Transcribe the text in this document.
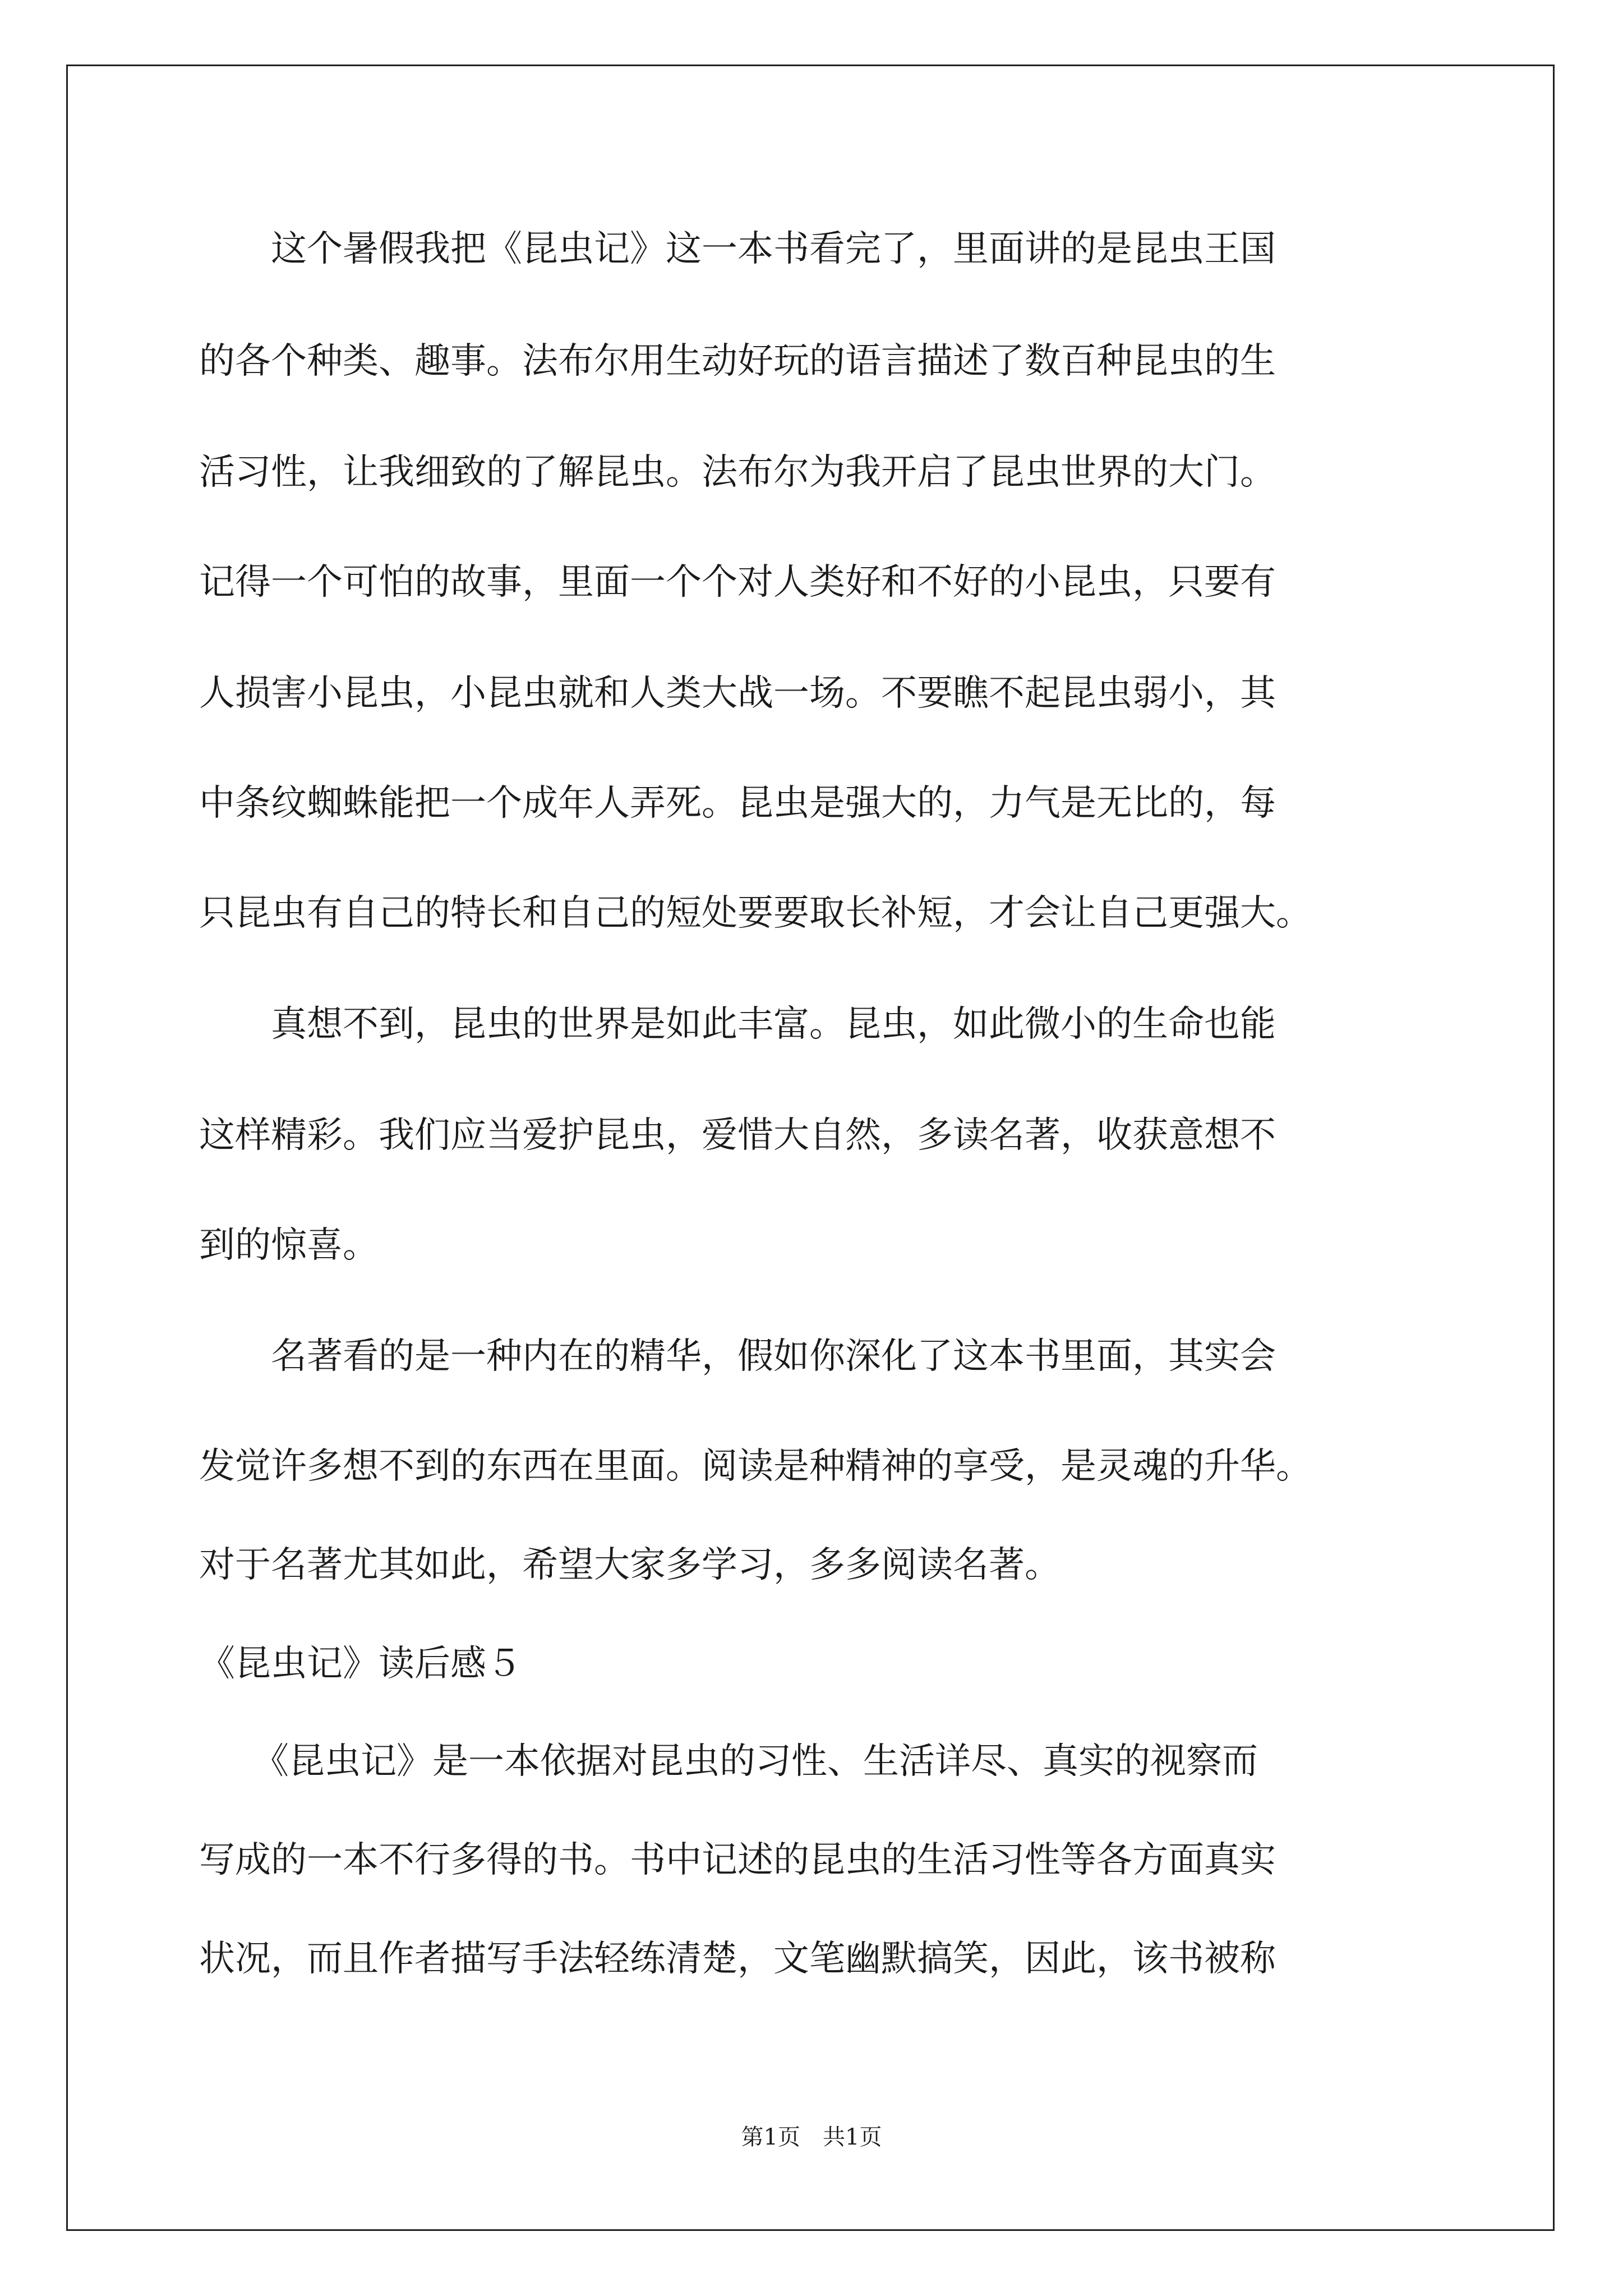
　　这个暑假我把《昆虫记》这一本书看完了，里面讲的是昆虫王国
的各个种类、趣事。法布尔用生动好玩的语言描述了数百种昆虫的生
活习性，让我细致的了解昆虫。法布尔为我开启了昆虫世界的大门。
记得一个可怕的故事，里面一个个对人类好和不好的小昆虫，只要有
人损害小昆虫，小昆虫就和人类大战一场。不要瞧不起昆虫弱小，其
中条纹蜘蛛能把一个成年人弄死。昆虫是强大的，力气是无比的，每
只昆虫有自己的特长和自己的短处要要取长补短，才会让自己更强大。
　　真想不到，昆虫的世界是如此丰富。昆虫，如此微小的生命也能
这样精彩。我们应当爱护昆虫，爱惜大自然，多读名著，收获意想不
到的惊喜。
　　名著看的是一种内在的精华，假如你深化了这本书里面，其实会
发觉许多想不到的东西在里面。阅读是种精神的享受，是灵魂的升华。
对于名著尤其如此，希望大家多学习，多多阅读名著。
《昆虫记》读后感５
　　《昆虫记》是一本依据对昆虫的习性、生活详尽、真实的视察而
写成的一本不行多得的书。书中记述的昆虫的生活习性等各方面真实
状况，而且作者描写手法轻练清楚，文笔幽默搞笑，因此，该书被称
第1页　共1页
